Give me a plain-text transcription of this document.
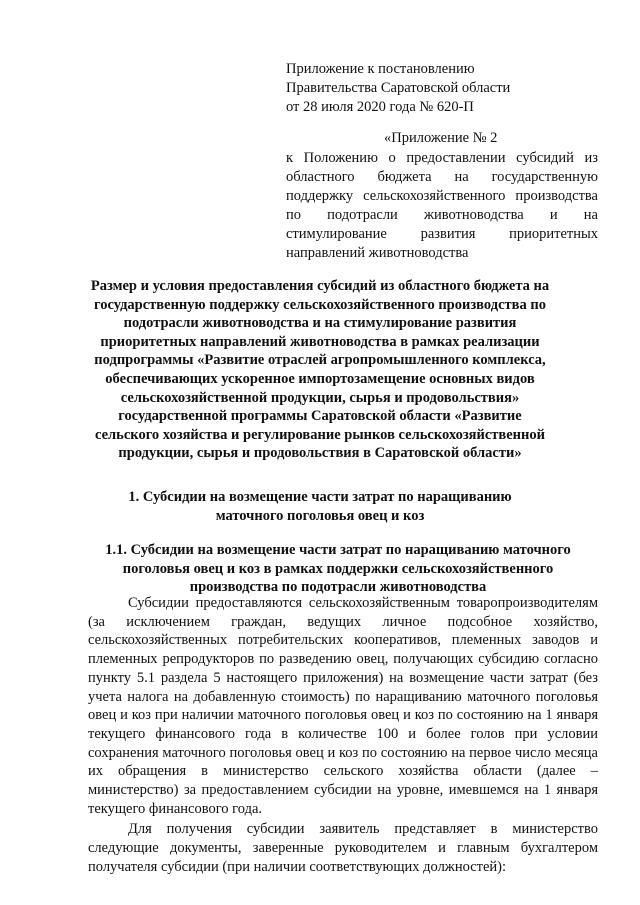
Приложение к постановлению
Правительства Саратовской области
от 28 июля 2020 года № 620-П
«Приложение № 2
к Положению о предоставлении субсидий из областного бюджета на государственную поддержку сельскохозяйственного производства по подотрасли животноводства и на стимулирование развития приоритетных направлений животноводства
Размер и условия предоставления субсидий из областного бюджета на государственную поддержку сельскохозяйственного производства по подотрасли животноводства и на стимулирование развития приоритетных направлений животноводства в рамках реализации подпрограммы «Развитие отраслей агропромышленного комплекса, обеспечивающих ускоренное импортозамещение основных видов сельскохозяйственной продукции, сырья и продовольствия» государственной программы Саратовской области «Развитие сельского хозяйства и регулирование рынков сельскохозяйственной продукции, сырья и продовольствия в Саратовской области»
1. Субсидии на возмещение части затрат по наращиванию маточного поголовья овец и коз
1.1. Субсидии на возмещение части затрат по наращиванию маточного поголовья овец и коз в рамках поддержки сельскохозяйственного производства по подотрасли животноводства

Субсидии предоставляются сельскохозяйственным товаропроизводителям (за исключением граждан, ведущих личное подсобное хозяйство, сельскохозяйственных потребительских кооперативов, племенных заводов и племенных репродукторов по разведению овец, получающих субсидию согласно пункту 5.1 раздела 5 настоящего приложения) на возмещение части затрат (без учета налога на добавленную стоимость) по наращиванию маточного поголовья овец и коз при наличии маточного поголовья овец и коз по состоянию на 1 января текущего финансового года в количестве 100 и более голов при условии сохранения маточного поголовья овец и коз по состоянию на первое число месяца их обращения в министерство сельского хозяйства области (далее – министерство) за предоставлением субсидии на уровне, имевшемся на 1 января текущего финансового года.

Для получения субсидии заявитель представляет в министерство следующие документы, заверенные руководителем и главным бухгалтером получателя субсидии (при наличии соответствующих должностей):
